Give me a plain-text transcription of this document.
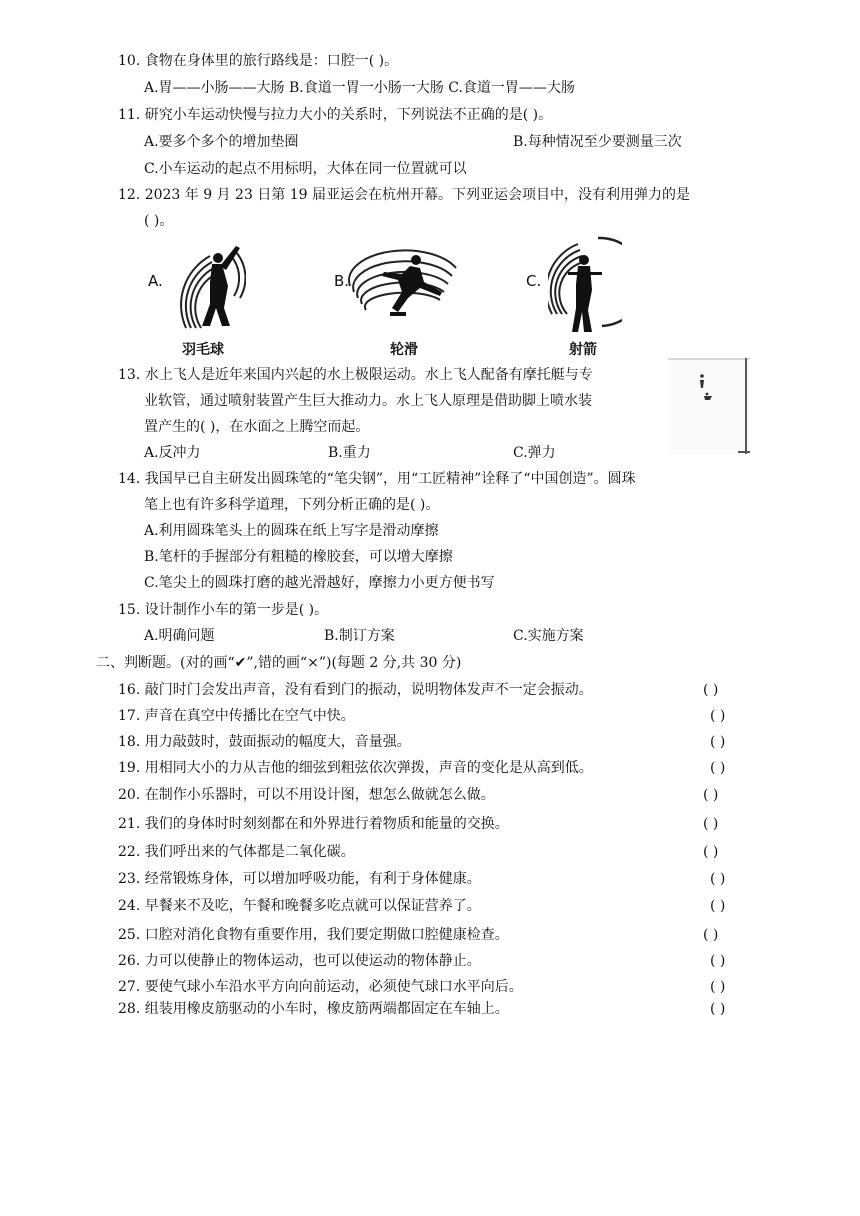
10. 食物在身体里的旅行路线是：口腔一( )。
A.胃——小肠——大肠 B.食道一胃一小肠一大肠 C.食道一胃——大肠
11. 研究小车运动快慢与拉力大小的关系时，下列说法不正确的是( )。
A.要多个多个的增加垫圈	B.每种情况至少要测量三次
C.小车运动的起点不用标明，大体在同一位置就可以
12. 2023 年 9 月 23 日第 19 届亚运会在杭州开幕。下列亚运会项目中，没有利用弹力的是
( )。
A.
羽毛球
B.
轮滑
C.
射箭
13. 水上飞人是近年来国内兴起的水上极限运动。水上飞人配备有摩托艇与专
业软管，通过喷射装置产生巨大推动力。水上飞人原理是借助脚上喷水装
置产生的( )，在水面之上腾空而起。
A.反冲力	B.重力	C.弹力
14. 我国早已自主研发出圆珠笔的“笔尖钢”，用“工匠精神”诠释了“中国创造”。圆珠
笔上也有许多科学道理，下列分析正确的是( )。
A.利用圆珠笔头上的圆珠在纸上写字是滑动摩擦
B.笔杆的手握部分有粗糙的橡胶套，可以增大摩擦
C.笔尖上的圆珠打磨的越光滑越好，摩擦力小更方便书写
15. 设计制作小车的第一步是( )。
A.明确问题	B.制订方案	C.实施方案
二、判断题。(对的画“✔”,错的画“×”)(每题 2 分,共 30 分)
16. 敲门时门会发出声音，没有看到门的振动，说明物体发声不一定会振动。	( )
17. 声音在真空中传播比在空气中快。	( )
18. 用力敲鼓时，鼓面振动的幅度大，音量强。	( )
19. 用相同大小的力从吉他的细弦到粗弦依次弹拨，声音的变化是从高到低。	( )
20. 在制作小乐器时，可以不用设计图，想怎么做就怎么做。	( )
21. 我们的身体时时刻刻都在和外界进行着物质和能量的交换。	( )
22. 我们呼出来的气体都是二氧化碳。	( )
23. 经常锻炼身体，可以增加呼吸功能，有利于身体健康。	( )
24. 早餐来不及吃，午餐和晚餐多吃点就可以保证营养了。	( )
25. 口腔对消化食物有重要作用，我们要定期做口腔健康检查。	( )
26. 力可以使静止的物体运动，也可以使运动的物体静止。	( )
27. 要使气球小车沿水平方向向前运动，必须使气球口水平向后。	( )
28. 组装用橡皮筋驱动的小车时，橡皮筋两端都固定在车轴上。	( )
